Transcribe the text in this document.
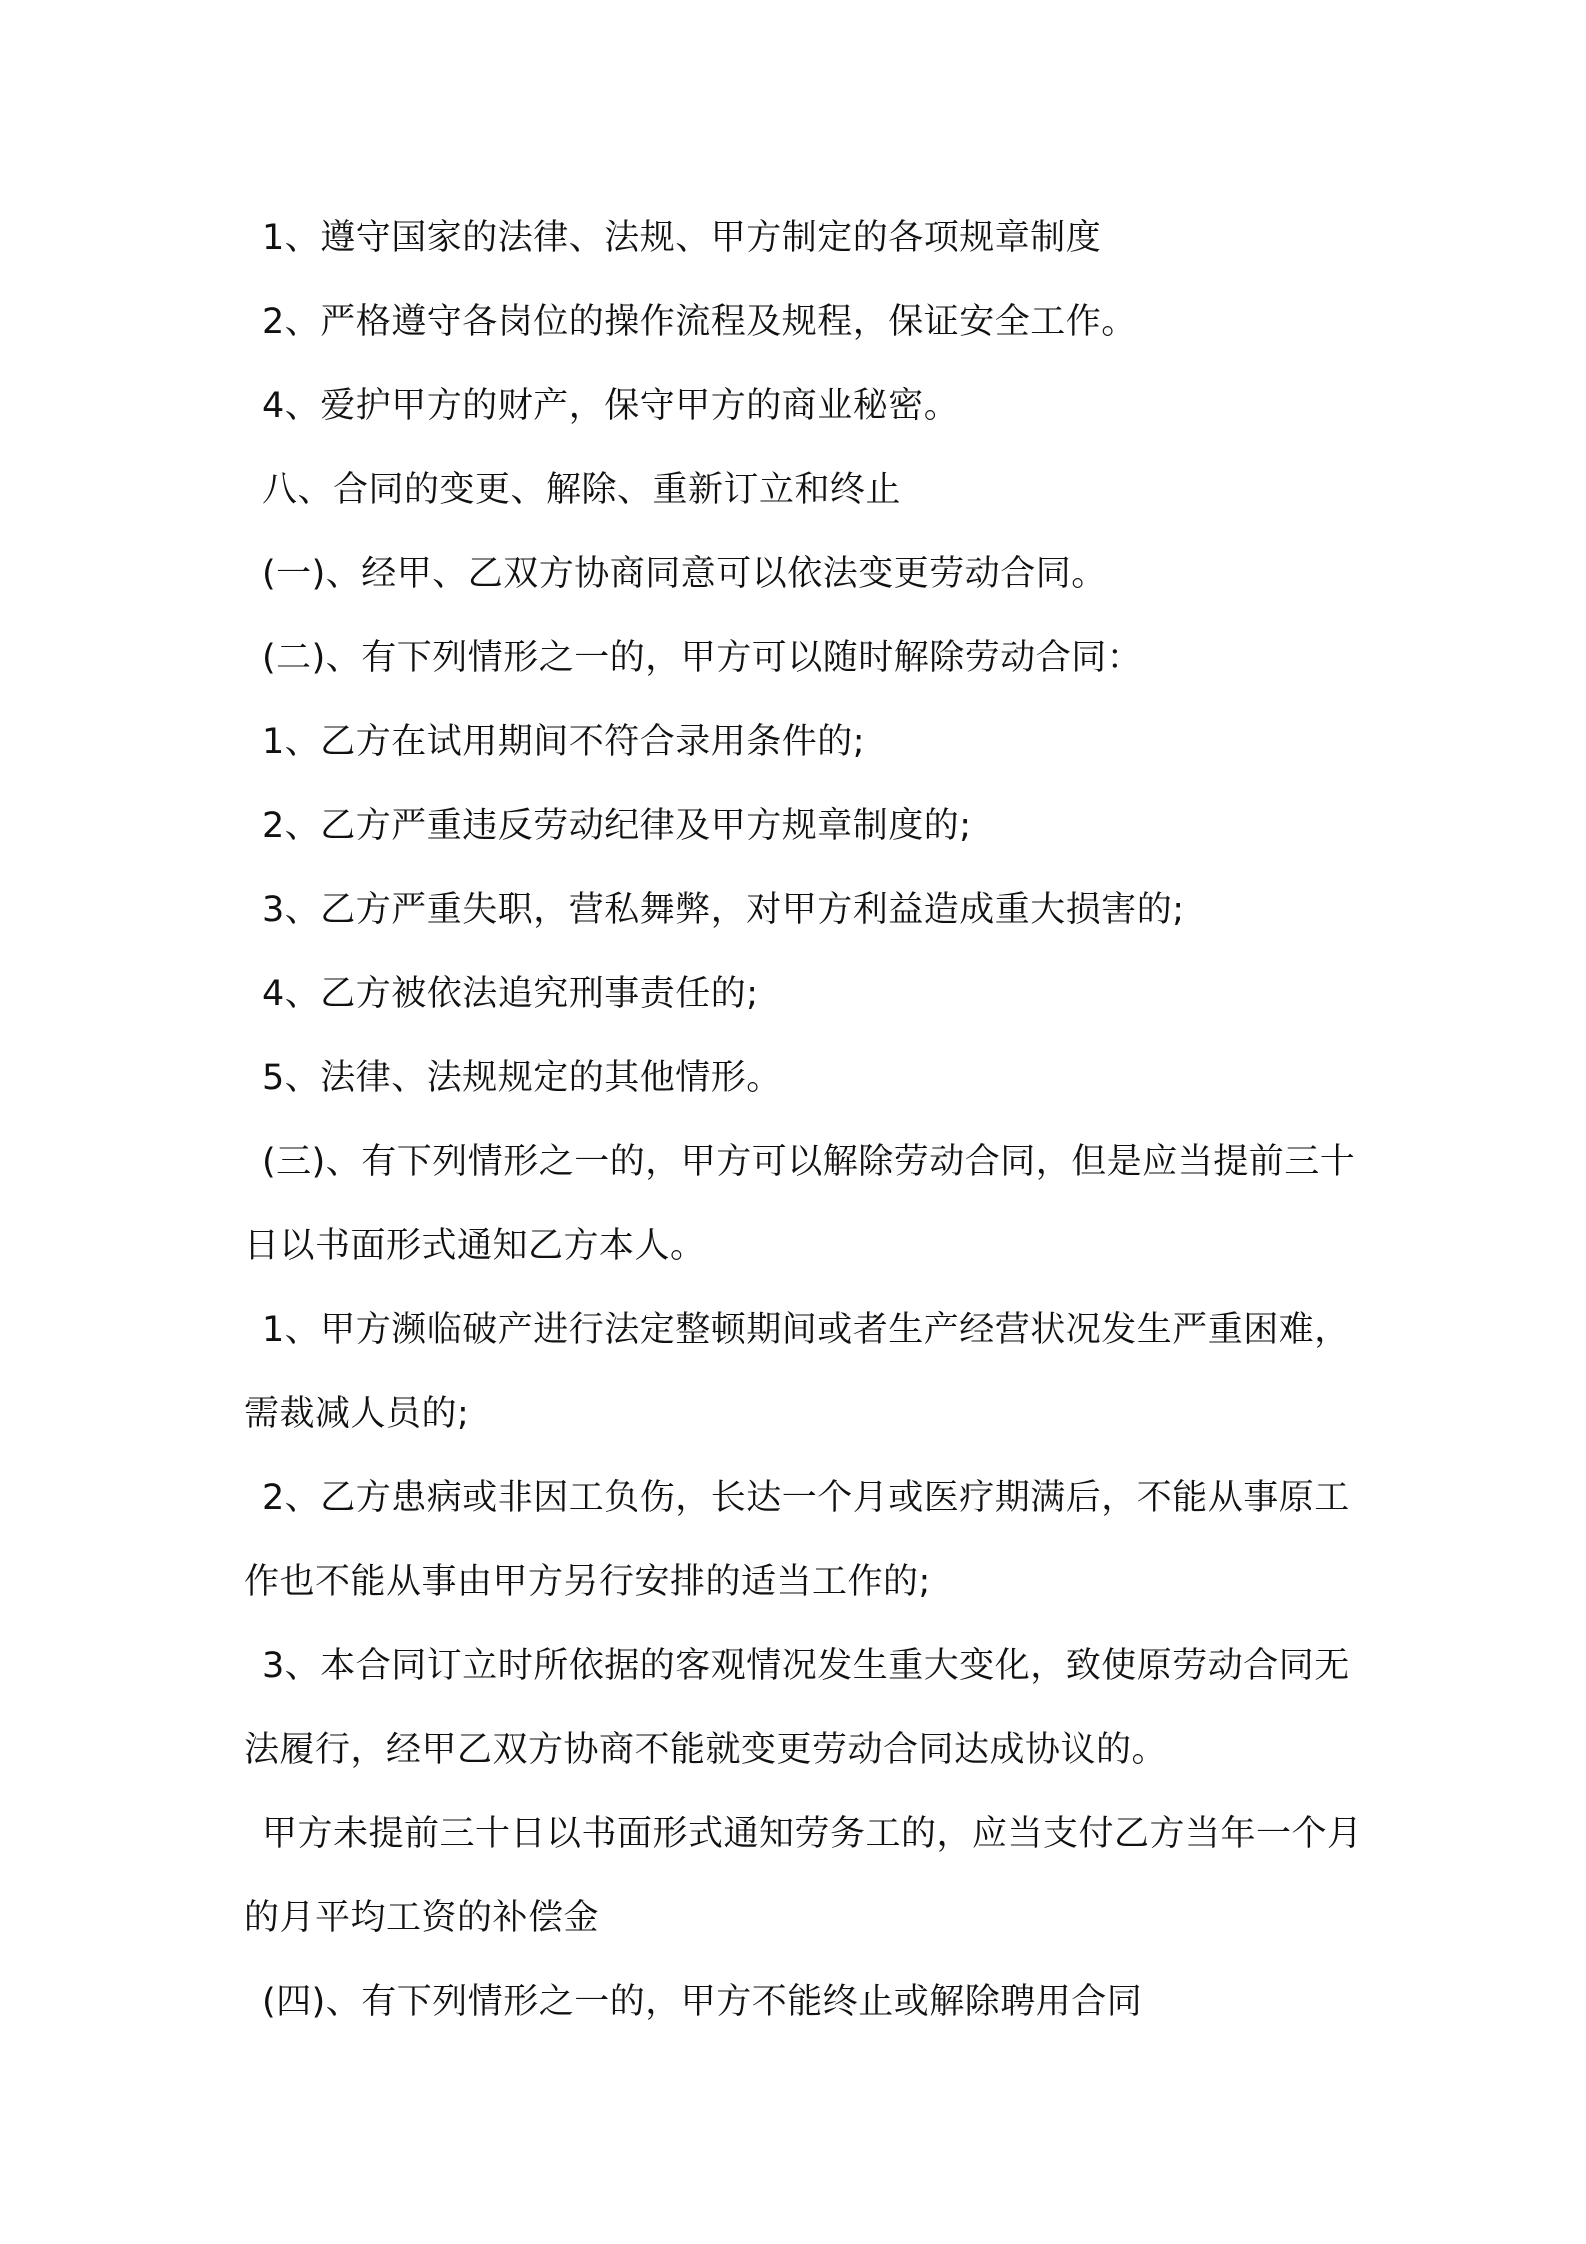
1、遵守国家的法律、法规、甲方制定的各项规章制度

2、严格遵守各岗位的操作流程及规程，保证安全工作。

4、爱护甲方的财产，保守甲方的商业秘密。

八、合同的变更、解除、重新订立和终止

(一)、经甲、乙双方协商同意可以依法变更劳动合同。

(二)、有下列情形之一的，甲方可以随时解除劳动合同：

1、乙方在试用期间不符合录用条件的;

2、乙方严重违反劳动纪律及甲方规章制度的;

3、乙方严重失职，营私舞弊，对甲方利益造成重大损害的;

4、乙方被依法追究刑事责任的;

5、法律、法规规定的其他情形。

(三)、有下列情形之一的，甲方可以解除劳动合同，但是应当提前三十日以书面形式通知乙方本人。

1、甲方濒临破产进行法定整顿期间或者生产经营状况发生严重困难，需裁减人员的;

2、乙方患病或非因工负伤，长达一个月或医疗期满后，不能从事原工作也不能从事由甲方另行安排的适当工作的;

3、本合同订立时所依据的客观情况发生重大变化，致使原劳动合同无法履行，经甲乙双方协商不能就变更劳动合同达成协议的。

甲方未提前三十日以书面形式通知劳务工的，应当支付乙方当年一个月的月平均工资的补偿金

(四)、有下列情形之一的，甲方不能终止或解除聘用合同
